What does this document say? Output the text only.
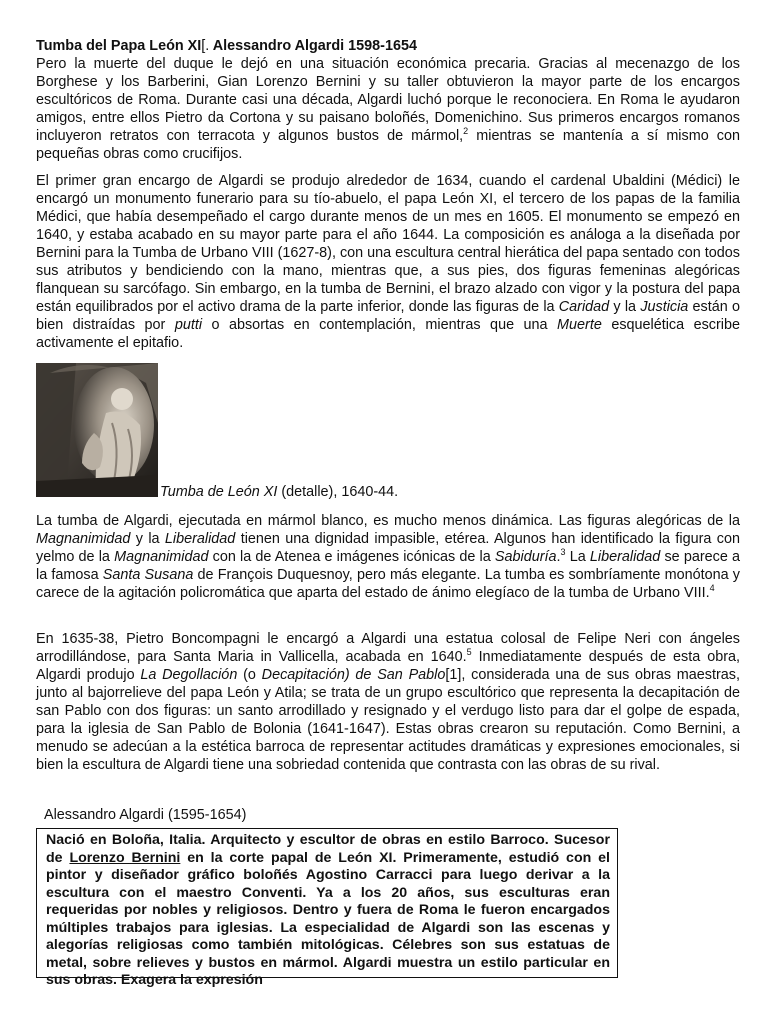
Tumba del Papa León XI[. Alessandro Algardi 1598-1654
Pero la muerte del duque le dejó en una situación económica precaria. Gracias al mecenazgo de los Borghese y los Barberini, Gian Lorenzo Bernini y su taller obtuvieron la mayor parte de los encargos escultóricos de Roma. Durante casi una década, Algardi luchó porque le reconociera. En Roma le ayudaron amigos, entre ellos Pietro da Cortona y su paisano boloñés, Domenichino. Sus primeros encargos romanos incluyeron retratos con terracota y algunos bustos de mármol,$^2$ mientras se mantenía a sí mismo con pequeñas obras como crucifijos.

El primer gran encargo de Algardi se produjo alrededor de 1634, cuando el cardenal Ubaldini (Médici) le encargó un monumento funerario para su tío-abuelo, el papa León XI, el tercero de los papas de la familia Médici, que había desempeñado el cargo durante menos de un mes en 1605. El monumento se empezó en 1640, y estaba acabado en su mayor parte para el año 1644. La composición es análoga a la diseñada por Bernini para la Tumba de Urbano VIII (1627-8), con una escultura central hierática del papa sentado con todos sus atributos y bendiciendo con la mano, mientras que, a sus pies, dos figuras femeninas alegóricas flanquean su sarcófago. Sin embargo, en la tumba de Bernini, el brazo alzado con vigor y la postura del papa están equilibrados por el activo drama de la parte inferior, donde las figuras de la Caridad y la Justicia están o bien distraídas por putti o absortas en contemplación, mientras que una Muerte esquelética escribe activamente el epitafio.

Tumba de León XI (detalle), 1640-44.

La tumba de Algardi, ejecutada en mármol blanco, es mucho menos dinámica. Las figuras alegóricas de la Magnanimidad y la Liberalidad tienen una dignidad impasible, etérea. Algunos han identificado la figura con yelmo de la Magnanimidad con la de Atenea e imágenes icónicas de la Sabiduría.$^3$ La Liberalidad se parece a la famosa Santa Susana de François Duquesnoy, pero más elegante. La tumba es sombríamente monótona y carece de la agitación policromática que aparta del estado de ánimo elegíaco de la tumba de Urbano VIII.$^4$

En 1635-38, Pietro Boncompagni le encargó a Algardi una estatua colosal de Felipe Neri con ángeles arrodillándose, para Santa Maria in Vallicella, acabada en 1640.$^5$ Inmediatamente después de esta obra, Algardi produjo La Degollación (o Decapitación) de San Pablo[1], considerada una de sus obras maestras, junto al bajorrelieve del papa León y Atila; se trata de un grupo escultórico que representa la decapitación de san Pablo con dos figuras: un santo arrodillado y resignado y el verdugo listo para dar el golpe de espada, para la iglesia de San Pablo de Bolonia (1641-1647). Estas obras crearon su reputación. Como Bernini, a menudo se adecúan a la estética barroca de representar actitudes dramáticas y expresiones emocionales, si bien la escultura de Algardi tiene una sobriedad contenida que contrasta con las obras de su rival.

Alessandro Algardi (1595-1654)

Nació en Boloña, Italia. Arquitecto y escultor de obras en estilo Barroco. Sucesor de Lorenzo Bernini en la corte papal de León XI. Primeramente, estudió con el pintor y diseñador gráfico boloñés Agostino Carracci para luego derivar a la escultura con el maestro Conventi. Ya a los 20 años, sus esculturas eran requeridas por nobles y religiosos. Dentro y fuera de Roma le fueron encargados múltiples trabajos para iglesias. La especialidad de Algardi son las escenas y alegorías religiosas como también mitológicas. Célebres son sus estatuas de metal, sobre relieves y bustos en mármol. Algardi muestra un estilo particular en sus obras. Exagera la expresión
